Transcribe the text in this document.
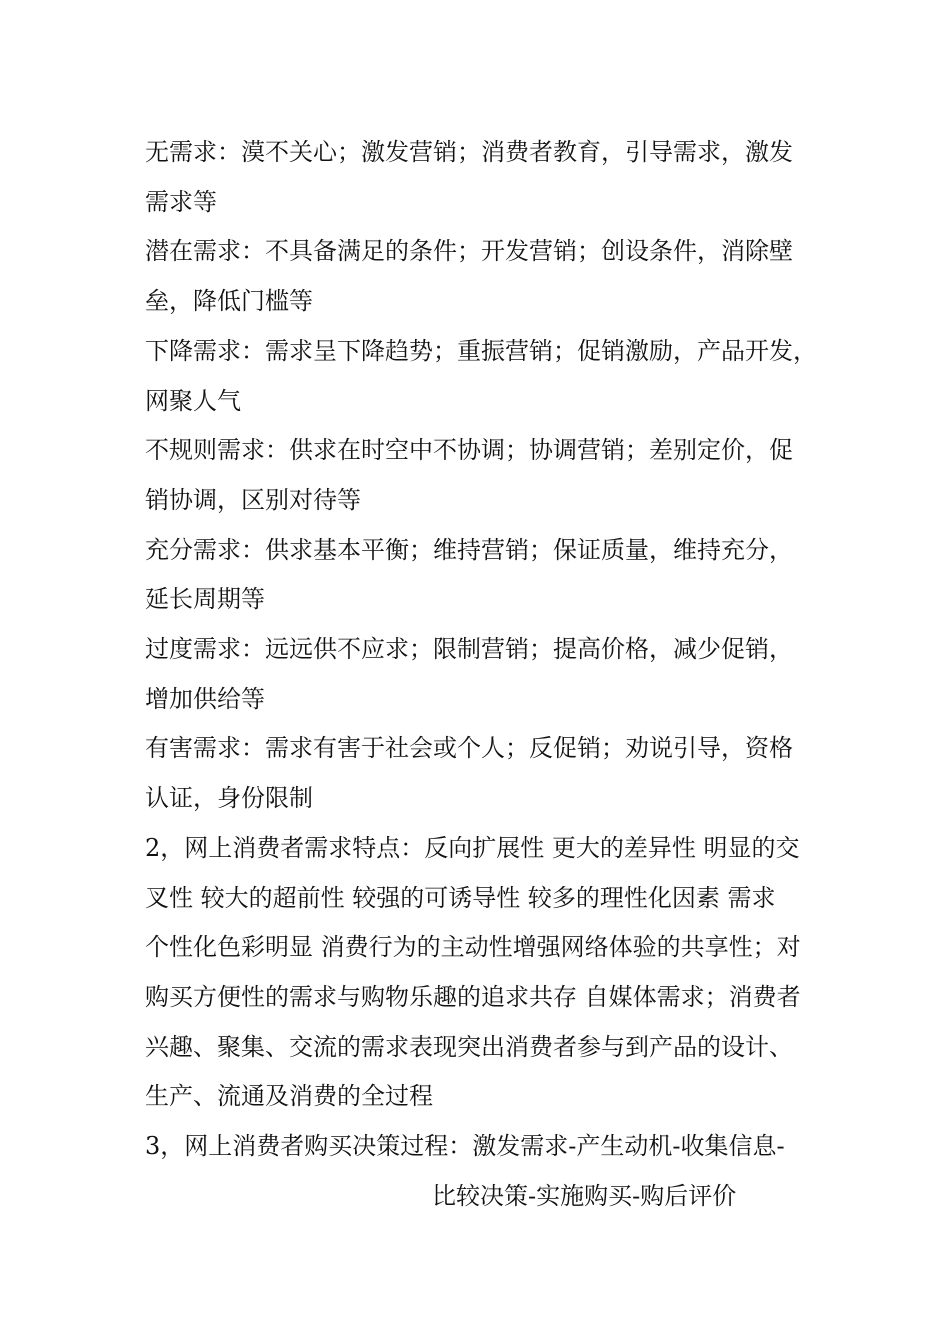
无需求：漠不关心；激发营销；消费者教育，引导需求，激发

需求等

潜在需求：不具备满足的条件；开发营销；创设条件，消除壁

垒，降低门槛等

下降需求：需求呈下降趋势；重振营销；促销激励，产品开发，

网聚人气

不规则需求：供求在时空中不协调；协调营销；差别定价，促

销协调，区别对待等

充分需求：供求基本平衡；维持营销；保证质量，维持充分，

延长周期等

过度需求：远远供不应求；限制营销；提高价格，减少促销，

增加供给等

有害需求：需求有害于社会或个人；反促销；劝说引导，资格

认证，身份限制

2，网上消费者需求特点：反向扩展性 更大的差异性 明显的交

叉性 较大的超前性 较强的可诱导性 较多的理性化因素 需求

个性化色彩明显 消费行为的主动性增强网络体验的共享性；对

购买方便性的需求与购物乐趣的追求共存 自媒体需求；消费者

兴趣、聚集、交流的需求表现突出消费者参与到产品的设计、

生产、流通及消费的全过程

3，网上消费者购买决策过程：激发需求-产生动机-收集信息-

比较决策-实施购买-购后评价
